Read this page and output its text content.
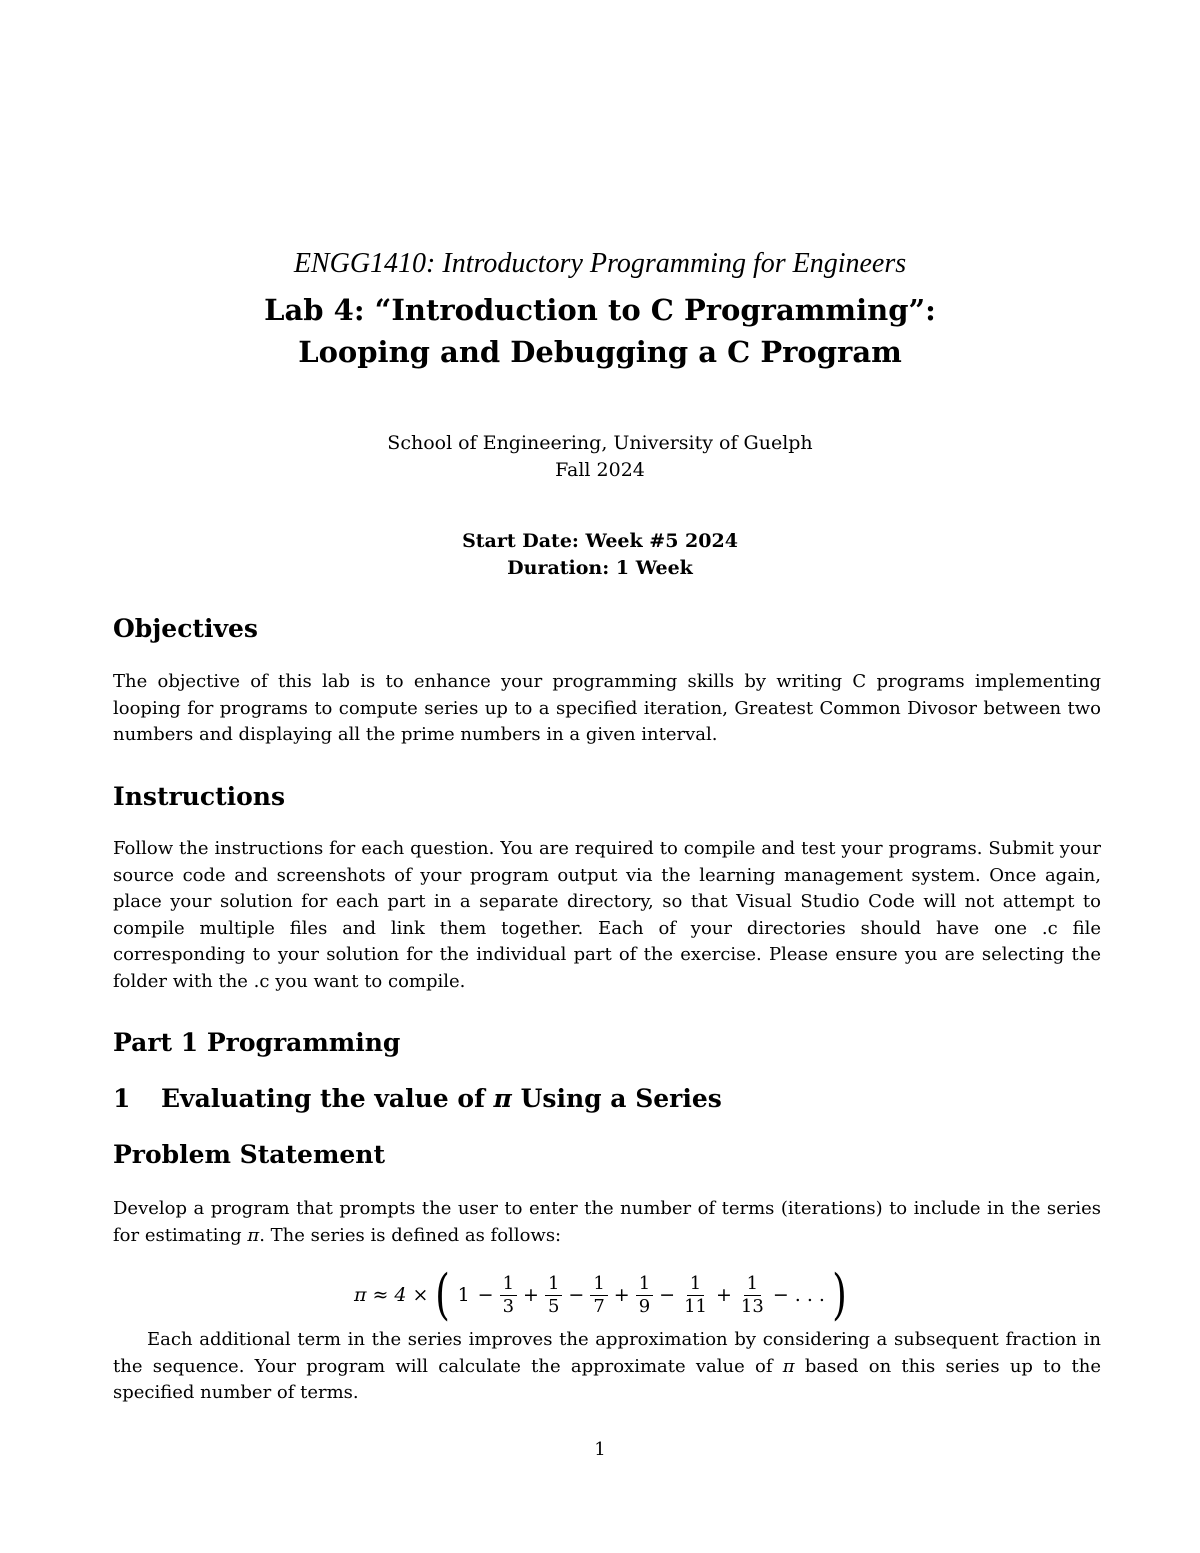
ENGG1410: Introductory Programming for Engineers
Lab 4: “Introduction to C Programming”:
Looping and Debugging a C Program
School of Engineering, University of Guelph
Fall 2024
Start Date: Week #5 2024
Duration: 1 Week
Objectives

The objective of this lab is to enhance your programming skills by writing C programs implementing looping for programs to compute series up to a specified iteration, Greatest Common Divosor between two numbers and displaying all the prime numbers in a given interval.

Instructions

Follow the instructions for each question. You are required to compile and test your programs. Submit your source code and screenshots of your program output via the learning management system. Once again, place your solution for each part in a separate directory, so that Visual Studio Code will not attempt to compile multiple files and link them together. Each of your directories should have one .c file corresponding to your solution for the individual part of the exercise. Please ensure you are selecting the folder with the .c you want to compile.

Part 1 Programming
1 Evaluating the value of π Using a Series
Problem Statement

Develop a program that prompts the user to enter the number of terms (iterations) to include in the series for estimating π. The series is defined as follows:

π ≈ 4 × ( $1 - \frac{1}{3} + \frac{1}{5} - \frac{1}{7} + \frac{1}{9} - \frac{1}{11} + \frac{1}{13}$ − . . . )

Each additional term in the series improves the approximation by considering a subsequent fraction in the sequence. Your program will calculate the approximate value of π based on this series up to the specified number of terms.

1
